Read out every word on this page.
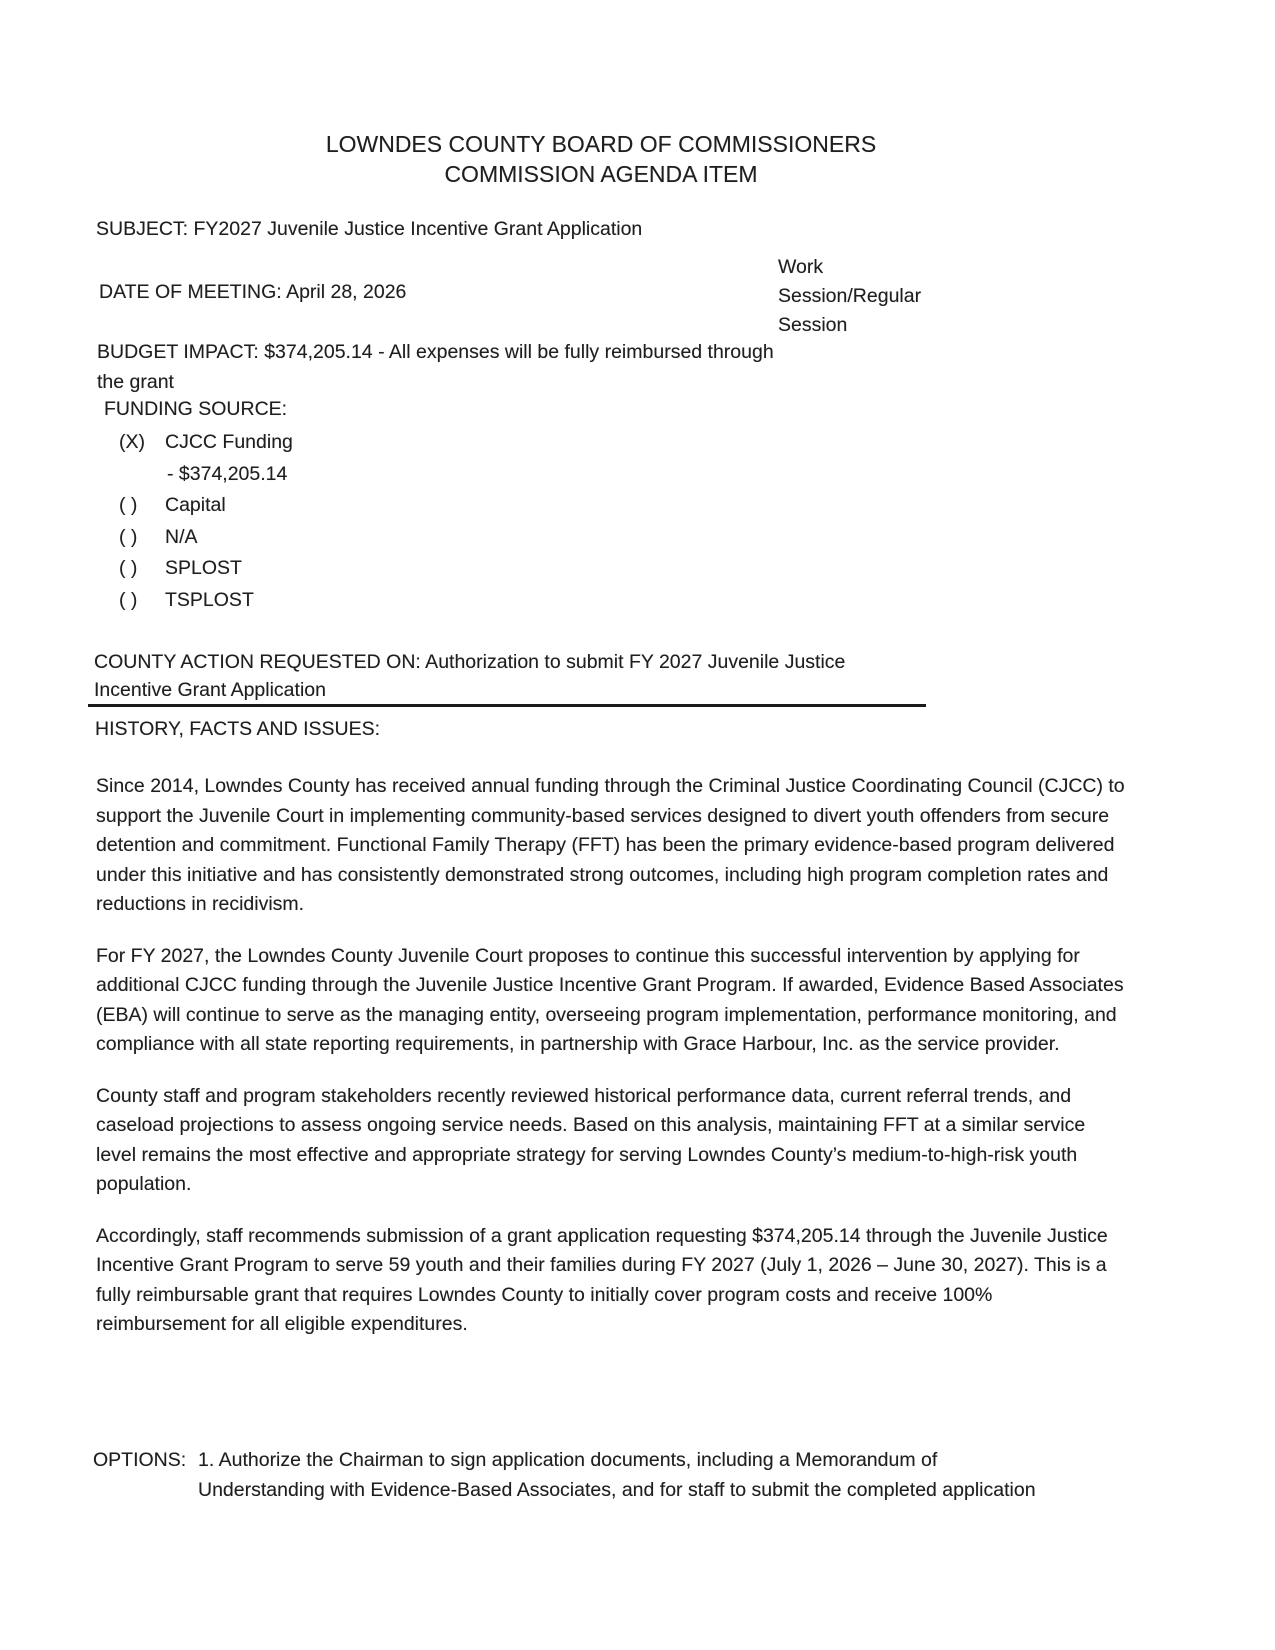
LOWNDES COUNTY BOARD OF COMMISSIONERS
COMMISSION AGENDA ITEM
SUBJECT: FY2027 Juvenile Justice Incentive Grant Application
Work Session/Regular Session
DATE OF MEETING: April 28, 2026
BUDGET IMPACT: $374,205.14 - All expenses will be fully reimbursed through the grant
FUNDING SOURCE:
(X)	CJCC Funding
- $374,205.14
( )	Capital
( )	N/A
( )	SPLOST
( )	TSPLOST
COUNTY ACTION REQUESTED ON: Authorization to submit FY 2027 Juvenile Justice Incentive Grant Application
HISTORY, FACTS AND ISSUES:

Since 2014, Lowndes County has received annual funding through the Criminal Justice Coordinating Council (CJCC) to support the Juvenile Court in implementing community-based services designed to divert youth offenders from secure detention and commitment. Functional Family Therapy (FFT) has been the primary evidence-based program delivered under this initiative and has consistently demonstrated strong outcomes, including high program completion rates and reductions in recidivism.

For FY 2027, the Lowndes County Juvenile Court proposes to continue this successful intervention by applying for additional CJCC funding through the Juvenile Justice Incentive Grant Program. If awarded, Evidence Based Associates (EBA) will continue to serve as the managing entity, overseeing program implementation, performance monitoring, and compliance with all state reporting requirements, in partnership with Grace Harbour, Inc. as the service provider.

County staff and program stakeholders recently reviewed historical performance data, current referral trends, and caseload projections to assess ongoing service needs. Based on this analysis, maintaining FFT at a similar service level remains the most effective and appropriate strategy for serving Lowndes County’s medium-to-high-risk youth population.

Accordingly, staff recommends submission of a grant application requesting $374,205.14 through the Juvenile Justice Incentive Grant Program to serve 59 youth and their families during FY 2027 (July 1, 2026 – June 30, 2027). This is a fully reimbursable grant that requires Lowndes County to initially cover program costs and receive 100% reimbursement for all eligible expenditures.

OPTIONS: 1. Authorize the Chairman to sign application documents, including a Memorandum of
Understanding with Evidence-Based Associates, and for staff to submit the completed application
